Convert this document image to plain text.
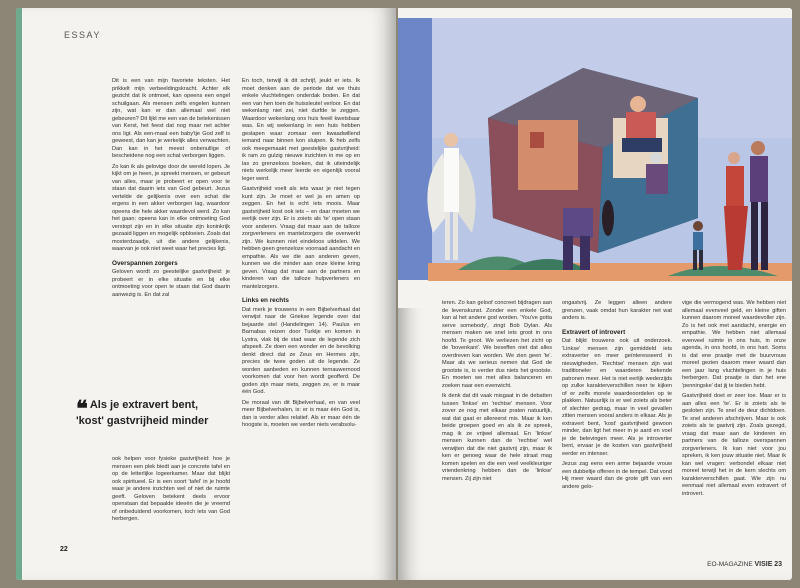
ESSAY

Dit is een van mijn favoriete teksten. Het prikkelt mijn verbeeldingskracht. Achter elk gezicht dat ik ontmoet, kan opeens een engel schuilgaan. Als mensen zelfs engelen kunnen zijn, wat kan er dan allemaal wel niet gebeuren? Dit lijkt me een van de betekenissen van Kerst, het feest dat nog maar net achter ons ligt. Als een-maal een baby'tje God zelf is geweest, dan kan je werkelijk alles verwachten. Dan kan in het meest onbenullige of bescheidene nog een schat verborgen liggen.

Zo kan ik als gelovige door de wereld lopen. Je kijkt om je heen, je spreekt mensen, er gebeurt van alles, maar je probeert er open voor te staan dat daarin iets van God gebeurt. Jezus vertelde de gelijkenis over een schat die ergens in een akker verborgen lag, waardoor opeens die hele akker waardevol werd. Zo kan het gaan: opeens kan in elke ontmoeting God verstopt zijn en in elke situatie zijn koninkrijk gezaaid liggen en mogelijk opbloeien. Zoals dat mosterdzaadje, uit die andere gelijkenis, waarvan je ook niet weet waar het precies ligt.

Overspannen zorgers

Geloven wordt zo geestelijke gastvrijheid: je probeert er in elke situatie en bij elke ontmoeting voor open te staan dat God daarin aanwezig is. En dat zal

❝ Als je extravert bent, 'kost' gastvrijheid minder

ook helpen voor fysieke gastvrijheid: hoe je mensen een plek biedt aan je concrete tafel en op de letterlijke logeerkamer. Maar dat blijkt ook spiritueel. Er is een soort 'tafel' in je hoofd waar je andere inzichten wel of niet de ruimte geeft. Geloven betekent deels ervoor openstaan dat bepaalde ideeën die je vreemd of onbeduidend voorkomen, toch iets van God herbergen.

En toch, terwijl ik dit schrijf, jeukt er iets. Ik moet denken aan de periode dat we thuis enkele vluchtelingen onderdak boden. En dat een van hen toen de huissleutel verloor. En dat wekenlang niet zei, niet durfde te zeggen. Waardoor wekenlang ons huis feeël kwetsbaar was. En wij wekenlang in een huis hebben geslapen waar zomaar een kwaadwillend iemand naar binnen kon sluipen. Ik heb zelfs ook meegemaakt met geestelijke gastvrijheid: ik ram zo gulzig nieuwe inzichten in me op en las zo grenzeloos boeken, dat ik uiteindelijk niets werkelijk meer leerde en eigenlijk vooral leger werd.

Gastvrijheid voelt als iets waar je niet tegen kunt zijn. Je moet er wel ja en amen op zeggen. En het is echt iets moois. Maar gastvrijheid kost ook iets – en daar moeten we eerlijk over zijn. Er is zoiets als 'te' open staan voor anderen. Vraag dat maar aan de talloze zorgverleners en mantelzorgers die overwerkt zijn. We kunnen niet eindeloos uitdelen. We hebben geen grenzeloze voorraad aandacht en empathie. Als we die aan anderen geven, kunnen we die minder aan onze kleine kring geven. Vraag dat maar aan de partners en kinderen van die talloze hulpverleners en mantelzorgers.

Links en rechts

Dat merk je trouwens in een Bijbelverhaal dat verwijst naar de Griekse legende over dat bejaarde stel (Handelingen 14). Paulus en Barnabas reizen door Turkije en komen in Lystra, vlak bij de stad waar de legende zich afspeelt. Ze doen een wonder en de bevolking denkt direct dat ze Zeus en Hermes zijn, precies de twee goden uit de legende. Ze worden aanbeden en kunnen ternauwernood voorkomen dat voor hen wordt geofferd. De goden zijn maar niets, zeggen ze, er is maar één God.

De moraal van dit Bijbelverhaal, en van veel meer Bijbelverhalen, is: er is maar één God is, dan is verder alles relatief. Als er maar één de hoogste is, moeten we verder niets verabsolu-

22

teren. Zo kan geloof concreet bijdragen aan de levenskunst. Zonder een enkele God, kan al het andere god worden. 'You've gotta serve somebody', zingt Bob Dylan. Als mensen maken we snel iets groot in ons hoofd. Te groot. We verliezen het zicht op de 'bovenkant'. We beseffen niet dat alles overdreven kan worden. We zien geen 'te'. Maar als we serieus nemen dat God de grootste is, is verder dus niets het grootste. En moeten we met alles balanceren en zoeken naar een evenwicht.

Ik denk dat dit vaak misgaat in de debatten tussen 'linkse' en 'rechtse' mensen. Voor zover ze nog met elkaar praten natuurlijk, wat dat gaat er allereerst mis. Maar ik ken beide groepen goed en als ik ze spreek, mag ik ze vrijwel allemaal. En 'linkse' mensen kunnen dan de 'rechtse' wel verwijten dat die niet gastvrij zijn, maar ik ken er genoeg waar de hele straat mag komen spelen en die een veel veelkleuriger vriendenkring hebben dan de 'linkse' mensen. Zij zijn niet

ongastvrij. Ze leggen alleen andere grenzen, vaak omdat hun karakter net wat anders is.

Extravert of introvert

Dat blijkt trouwens ook uit onderzoek. 'Linkse' mensen zijn gemiddeld iets extraverter en meer geïnteresseerd in nieuwigheden. 'Rechtse' mensen zijn wat traditioneler en waarderen bekende patronen meer. Het is niet eerlijk wederzijds op zulke karakterverschillen neer te kijken of er zelfs morele waardeoordelen op te plakken. Natuurlijk is er wel zoiets als beter of slechter gedrag, maar in veel gevallen zitten mensen vooral anders in elkaar. Als je extravert bent, 'kost' gastvrijheid gewoon minder, dan ligt het meer in je aard en voel je de belevingen meer. Als je introverter bent, ervaar je de kosten van gastvrijheid eerder en intenser.

Jezus zag eens een arme bejaarde vrouw een dubbeltje offeren in de tempel. Dat vond Hij meer waard dan de grote gift van een andere gelo-

vige die vermogend was. We hebben niet allemaal evenveel geld, en kleine giften kunnen daarom moreel waardevoller zijn. Zo is het ook met aandacht, energie en empathie. We hebben niet allemaal evenveel ruimte in ons huis, in onze agenda, in ons hoofd, in ons hart. Soms is dat ene praatje met de buurvrouw moreel gezien daarom meer waard dan een jaar lang vluchtelingen in je huis herbergen. Dat praatje is dan het ene 'penningske' dat jij te bieden hebt.

Gastvrijheid doet er zeer toe. Maar er is aan alles een 'te'. Er is zoiets als te gesloten zijn. Te snel de deur dichtdoen. Te snel anderen afschrijven. Maar is ook zoiets als te gastvrij zijn. Zoals gezegd, vraag dat maar aan de kinderen en partners van de talloze overspannen zorgverleners. Ik kan niet voor jou spreken, ik ken jouw situatie niet. Maar ik kan wel vragen: verbondel elkaar niet moreel terwijl het in de kern slechts om karakterverschillen gaat. Wie zijn nu eenmaal niet allemaal even extravert of introvert.

EO-MAGAZINE VISIE 23
